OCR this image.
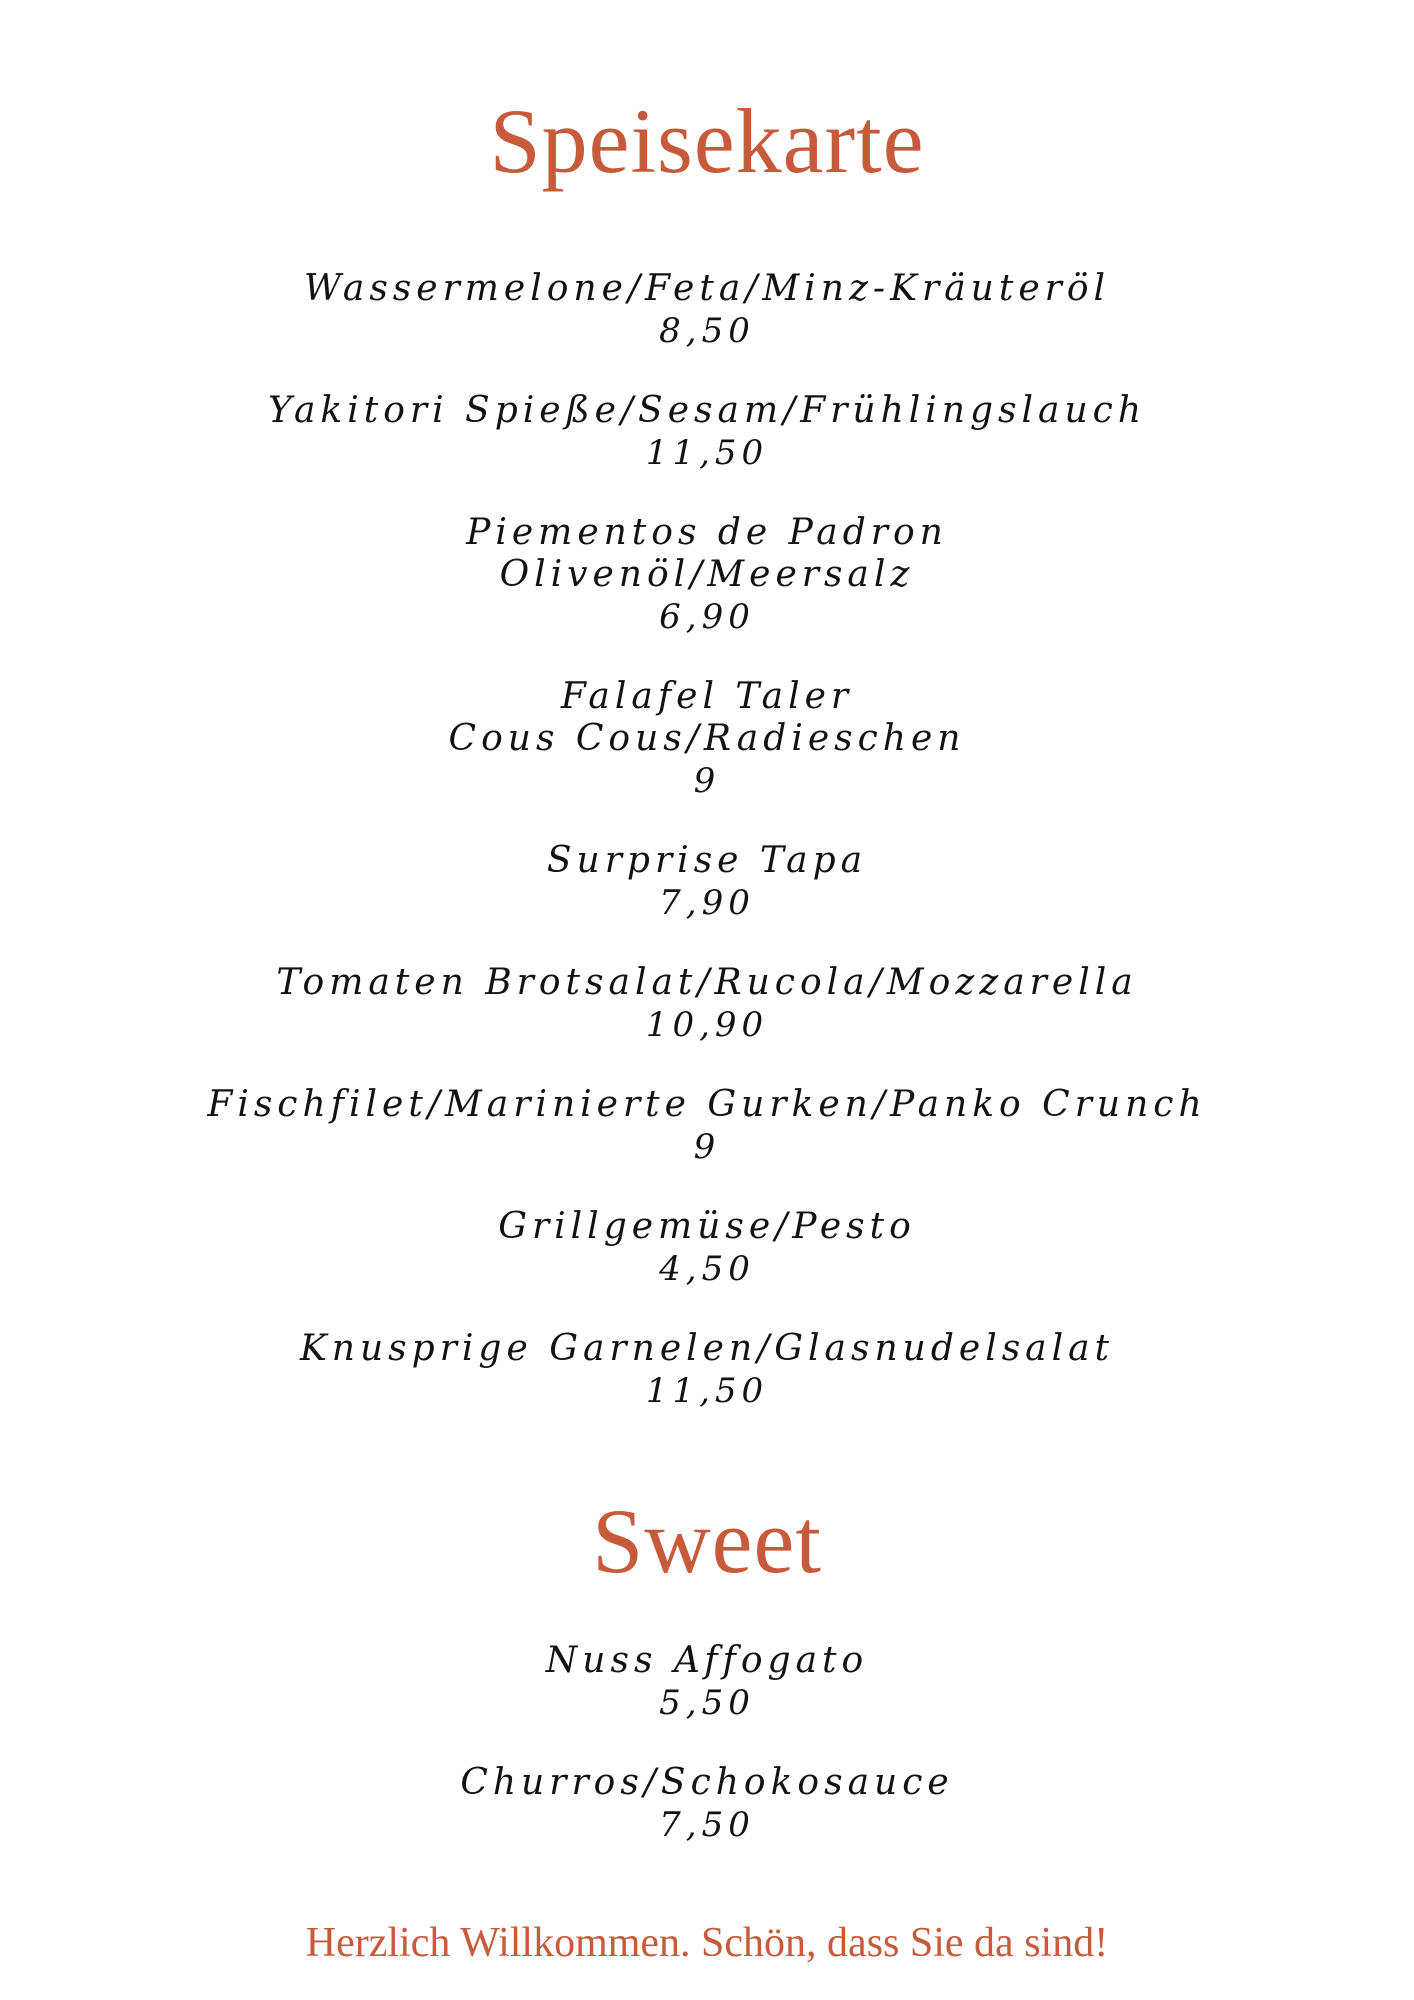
Speisekarte
Wassermelone/Feta/Minz-Kräuteröl
8,50
Yakitori Spieße/Sesam/Frühlingslauch
11,50
Piementos de Padron
Olivenöl/Meersalz
6,90
Falafel Taler
Cous Cous/Radieschen
9
Surprise Tapa
7,90
Tomaten Brotsalat/Rucola/Mozzarella
10,90
Fischfilet/Marinierte Gurken/Panko Crunch
9
Grillgemüse/Pesto
4,50
Knusprige Garnelen/Glasnudelsalat
11,50
Sweet
Nuss Affogato
5,50
Churros/Schokosauce
7,50
Herzlich Willkommen. Schön, dass Sie da sind!
